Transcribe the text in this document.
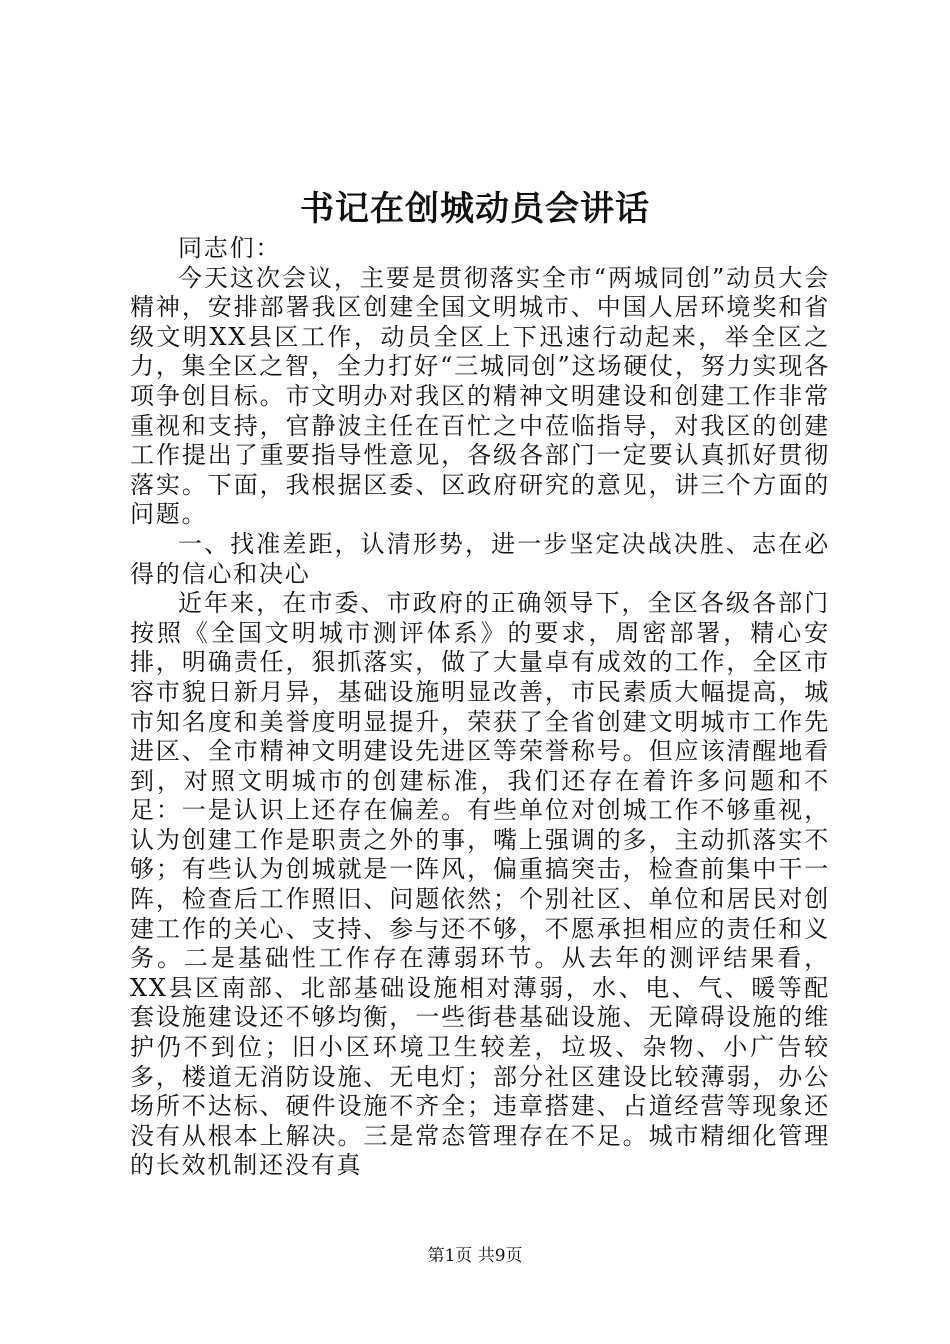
书记在创城动员会讲话

同志们：

今天这次会议，主要是贯彻落实全市“两城同创”动员大会精神，安排部署我区创建全国文明城市、中国人居环境奖和省级文明XX县区工作，动员全区上下迅速行动起来，举全区之力，集全区之智，全力打好“三城同创”这场硬仗，努力实现各项争创目标。市文明办对我区的精神文明建设和创建工作非常重视和支持，官静波主任在百忙之中莅临指导，对我区的创建工作提出了重要指导性意见，各级各部门一定要认真抓好贯彻落实。下面，我根据区委、区政府研究的意见，讲三个方面的问题。

一、找准差距，认清形势，进一步坚定决战决胜、志在必得的信心和决心

近年来，在市委、市政府的正确领导下，全区各级各部门按照《全国文明城市测评体系》的要求，周密部署，精心安排，明确责任，狠抓落实，做了大量卓有成效的工作，全区市容市貌日新月异，基础设施明显改善，市民素质大幅提高，城市知名度和美誉度明显提升，荣获了全省创建文明城市工作先进区、全市精神文明建设先进区等荣誉称号。但应该清醒地看到，对照文明城市的创建标准，我们还存在着许多问题和不足：一是认识上还存在偏差。有些单位对创城工作不够重视，认为创建工作是职责之外的事，嘴上强调的多，主动抓落实不够；有些认为创城就是一阵风，偏重搞突击，检查前集中干一阵，检查后工作照旧、问题依然；个别社区、单位和居民对创建工作的关心、支持、参与还不够，不愿承担相应的责任和义务。二是基础性工作存在薄弱环节。从去年的测评结果看，XX县区南部、北部基础设施相对薄弱，水、电、气、暖等配套设施建设还不够均衡，一些街巷基础设施、无障碍设施的维护仍不到位；旧小区环境卫生较差，垃圾、杂物、小广告较多，楼道无消防设施、无电灯；部分社区建设比较薄弱，办公场所不达标、硬件设施不齐全；违章搭建、占道经营等现象还没有从根本上解决。三是常态管理存在不足。城市精细化管理的长效机制还没有真

第1页 共9页
